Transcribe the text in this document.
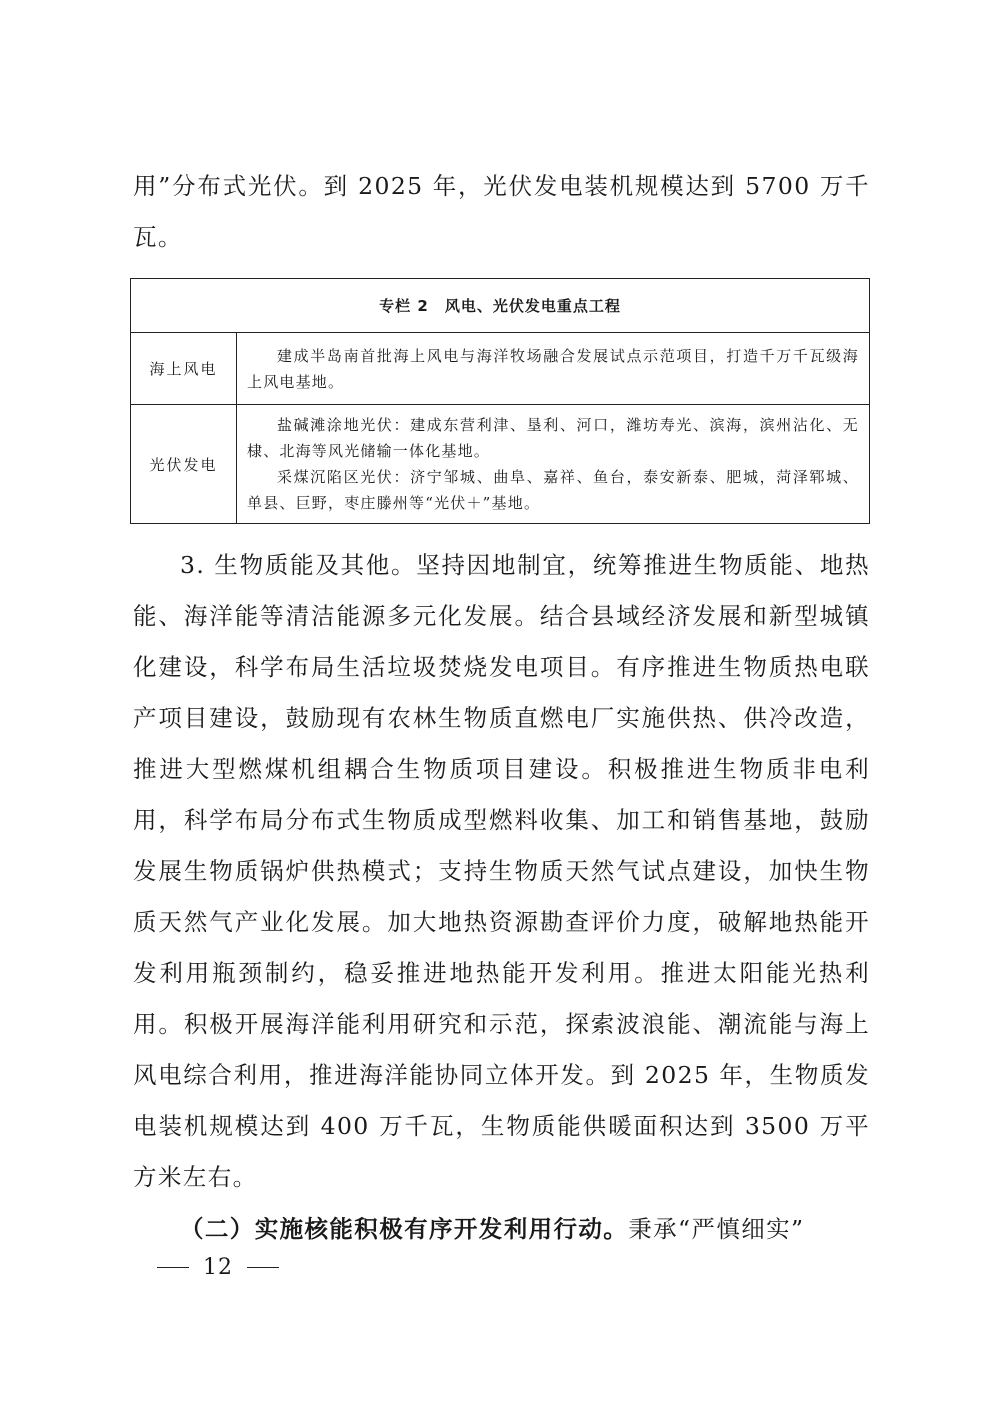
用”分布式光伏。到 2025 年，光伏发电装机规模达到 5700 万千瓦。

专栏 2　风电、光伏发电重点工程
海上风电

建成半岛南首批海上风电与海洋牧场融合发展试点示范项目，打造千万千瓦级海上风电基地。

光伏发电

盐碱滩涂地光伏：建成东营利津、垦利、河口，潍坊寿光、滨海，滨州沾化、无棣、北海等风光储输一体化基地。

采煤沉陷区光伏：济宁邹城、曲阜、嘉祥、鱼台，泰安新泰、肥城，菏泽郓城、单县、巨野，枣庄滕州等“光伏＋”基地。

3. 生物质能及其他。坚持因地制宜，统筹推进生物质能、地热能、海洋能等清洁能源多元化发展。结合县域经济发展和新型城镇化建设，科学布局生活垃圾焚烧发电项目。有序推进生物质热电联产项目建设，鼓励现有农林生物质直燃电厂实施供热、供冷改造，推进大型燃煤机组耦合生物质项目建设。积极推进生物质非电利用，科学布局分布式生物质成型燃料收集、加工和销售基地，鼓励发展生物质锅炉供热模式；支持生物质天然气试点建设，加快生物质天然气产业化发展。加大地热资源勘查评价力度，破解地热能开发利用瓶颈制约，稳妥推进地热能开发利用。推进太阳能光热利用。积极开展海洋能利用研究和示范，探索波浪能、潮流能与海上风电综合利用，推进海洋能协同立体开发。到 2025 年，生物质发电装机规模达到 400 万千瓦，生物质能供暖面积达到 3500 万平方米左右。

（二）实施核能积极有序开发利用行动。秉承“严慎细实”

12
